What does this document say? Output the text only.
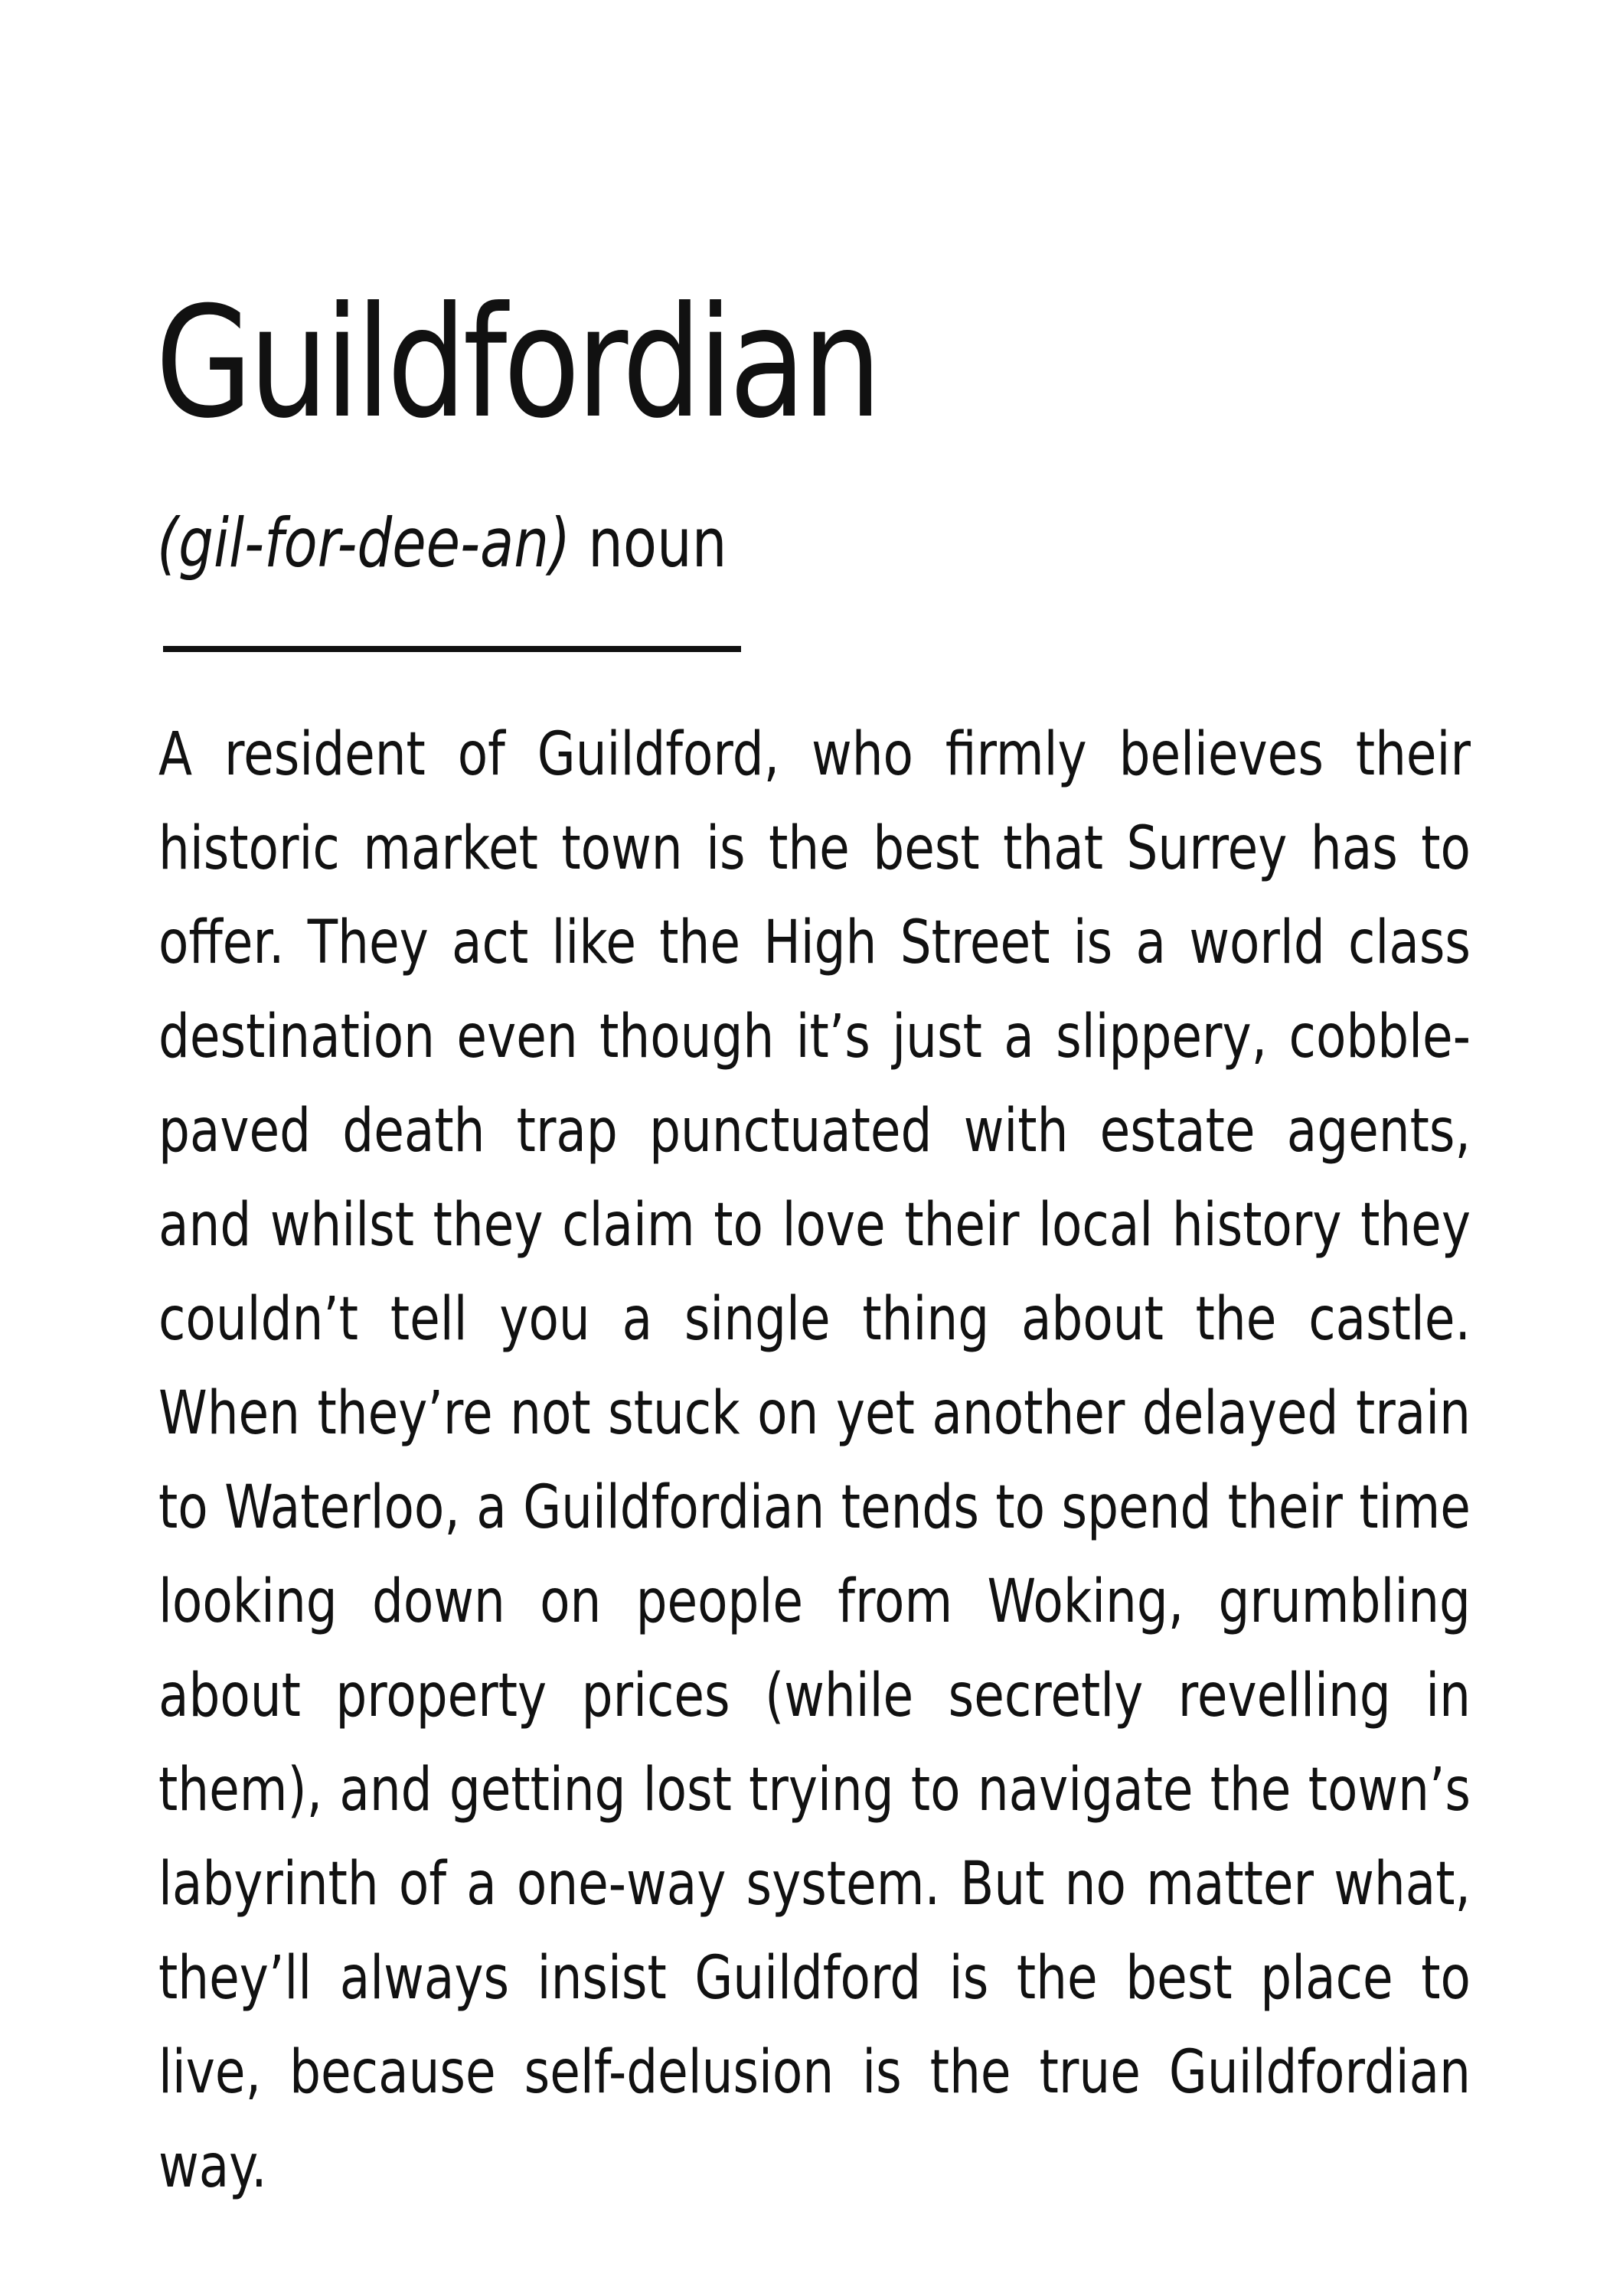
Guildfordian

(gil-for-dee-an) noun

A resident of Guildford, who firmly believes their historic market town is the best that Surrey has to offer. They act like the High Street is a world class destination even though it’s just a slippery, cobble-paved death trap punctuated with estate agents, and whilst they claim to love their local history they couldn’t tell you a single thing about the castle. When they’re not stuck on yet another delayed train to Waterloo, a Guildfordian tends to spend their time looking down on people from Woking, grumbling about property prices (while secretly revelling in them), and getting lost trying to navigate the town’s labyrinth of a one-way system. But no matter what, they’ll always insist Guildford is the best place to live, because self-delusion is the true Guildfordian way.
